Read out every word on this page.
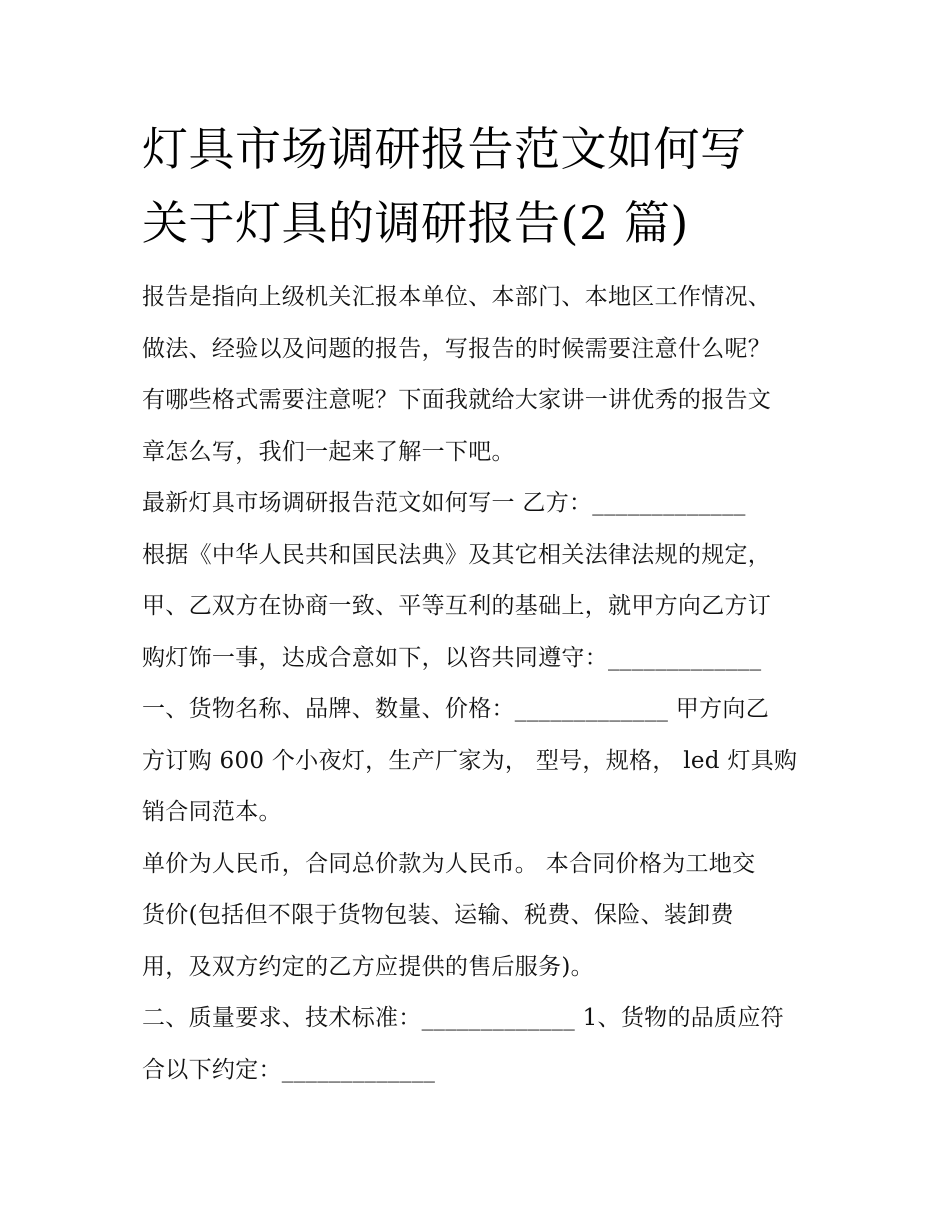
灯具市场调研报告范文如何写
关于灯具的调研报告(2 篇)

报告是指向上级机关汇报本单位、本部门、本地区工作情况、
做法、经验以及问题的报告，写报告的时候需要注意什么呢？
有哪些格式需要注意呢？下面我就给大家讲一讲优秀的报告文
章怎么写，我们一起来了解一下吧。

最新灯具市场调研报告范文如何写一 乙方：_____________
根据《中华人民共和国民法典》及其它相关法律法规的规定，
甲、乙双方在协商一致、平等互利的基础上，就甲方向乙方订
购灯饰一事，达成合意如下，以咨共同遵守：_____________
一、货物名称、品牌、数量、价格：_____________ 甲方向乙
方订购 600 个小夜灯，生产厂家为， 型号，规格， led 灯具购
销合同范本。

单价为人民币，合同总价款为人民币。 本合同价格为工地交
货价(包括但不限于货物包装、运输、税费、保险、装卸费
用，及双方约定的乙方应提供的售后服务)。

二、质量要求、技术标准：_____________ 1、货物的品质应符
合以下约定：_____________
